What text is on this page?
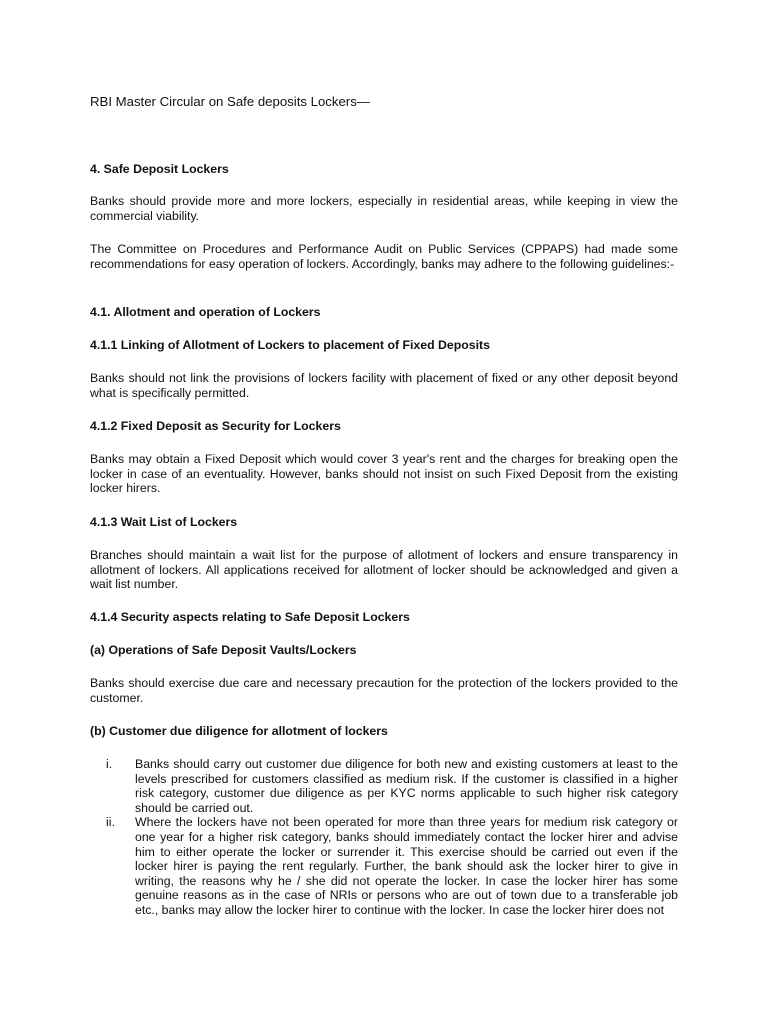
RBI Master Circular on Safe deposits Lockers—
4. Safe Deposit Lockers

Banks should provide more and more lockers, especially in residential areas, while keeping in view the commercial viability.

The Committee on Procedures and Performance Audit on Public Services (CPPAPS) had made some recommendations for easy operation of lockers. Accordingly, banks may adhere to the following guidelines:-

4.1. Allotment and operation of Lockers
4.1.1 Linking of Allotment of Lockers to placement of Fixed Deposits

Banks should not link the provisions of lockers facility with placement of fixed or any other deposit beyond what is specifically permitted.

4.1.2 Fixed Deposit as Security for Lockers

Banks may obtain a Fixed Deposit which would cover 3 year's rent and the charges for breaking open the locker in case of an eventuality. However, banks should not insist on such Fixed Deposit from the existing locker hirers.

4.1.3 Wait List of Lockers

Branches should maintain a wait list for the purpose of allotment of lockers and ensure transparency in allotment of lockers. All applications received for allotment of locker should be acknowledged and given a wait list number.

4.1.4 Security aspects relating to Safe Deposit Lockers
(a) Operations of Safe Deposit Vaults/Lockers

Banks should exercise due care and necessary precaution for the protection of the lockers provided to the customer.

(b) Customer due diligence for allotment of lockers
i. Banks should carry out customer due diligence for both new and existing customers at least to the levels prescribed for customers classified as medium risk. If the customer is classified in a higher risk category, customer due diligence as per KYC norms applicable to such higher risk category should be carried out.
ii. Where the lockers have not been operated for more than three years for medium risk category or one year for a higher risk category, banks should immediately contact the locker hirer and advise him to either operate the locker or surrender it. This exercise should be carried out even if the locker hirer is paying the rent regularly. Further, the bank should ask the locker hirer to give in writing, the reasons why he / she did not operate the locker. In case the locker hirer has some genuine reasons as in the case of NRIs or persons who are out of town due to a transferable job etc., banks may allow the locker hirer to continue with the locker. In case the locker hirer does not
